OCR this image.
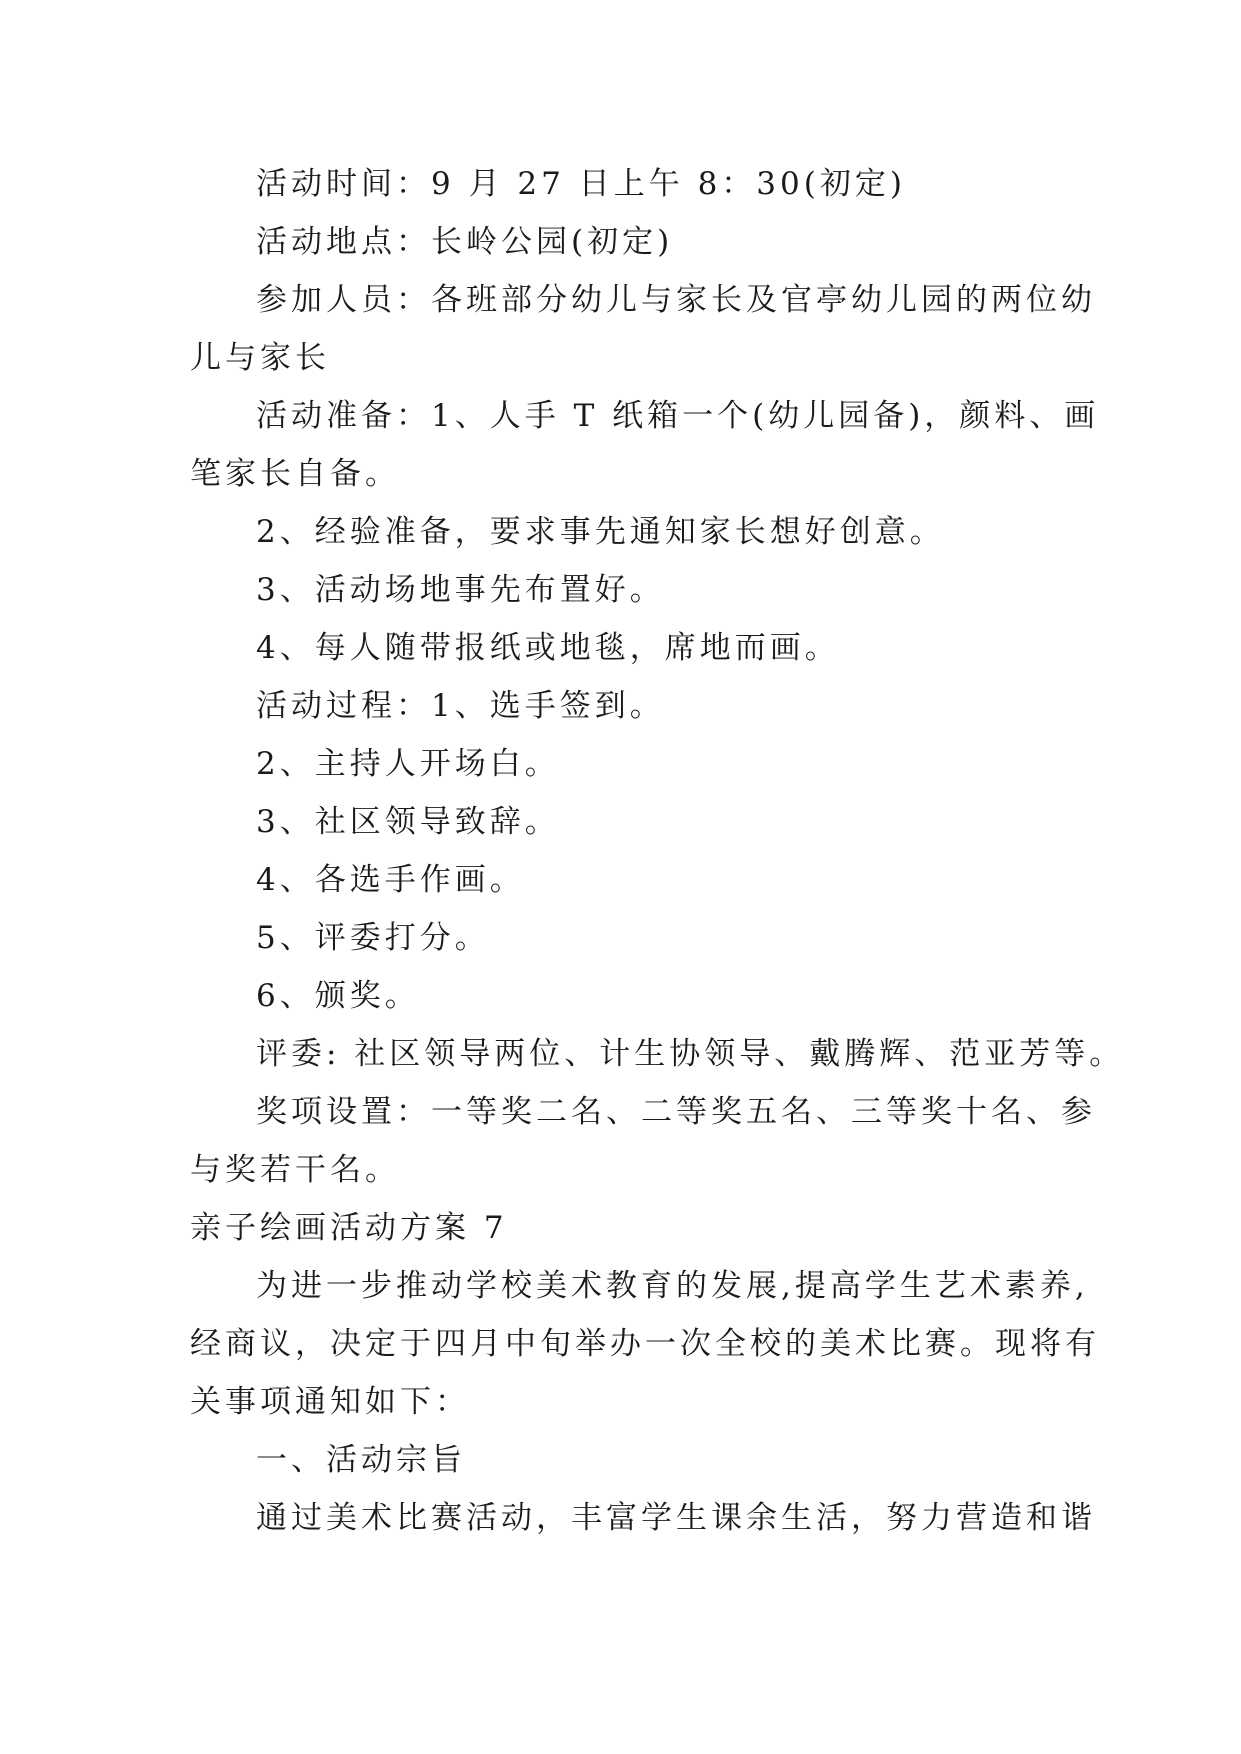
活动时间：9 月 27 日上午 8：30(初定)

活动地点：长岭公园(初定)

参加人员：各班部分幼儿与家长及官亭幼儿园的两位幼

儿与家长

活动准备：1、人手 T 纸箱一个(幼儿园备)，颜料、画

笔家长自备。

2、经验准备，要求事先通知家长想好创意。

3、活动场地事先布置好。

4、每人随带报纸或地毯，席地而画。

活动过程：1、选手签到。

2、主持人开场白。

3、社区领导致辞。

4、各选手作画。

5、评委打分。

6、颁奖。

评委: 社区领导两位、计生协领导、戴腾辉、范亚芳等。

奖项设置：一等奖二名、二等奖五名、三等奖十名、参

与奖若干名。

亲子绘画活动方案 7

为进一步推动学校美术教育的发展,提高学生艺术素养,

经商议，决定于四月中旬举办一次全校的美术比赛。现将有

关事项通知如下：

一、活动宗旨

通过美术比赛活动，丰富学生课余生活，努力营造和谐
